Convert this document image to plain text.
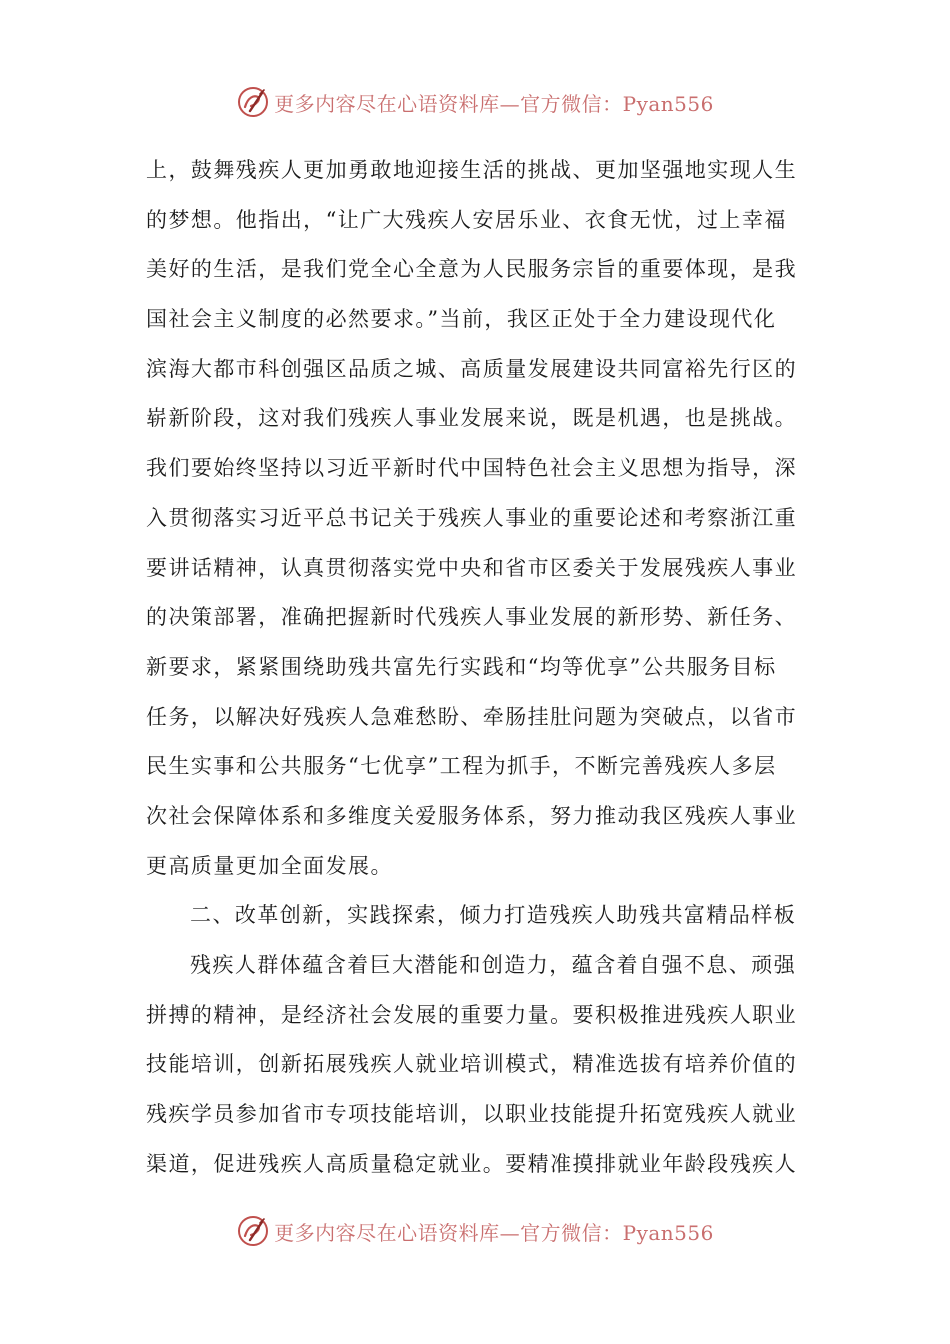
更多内容尽在心语资料库—官方微信：Pyan556
上，鼓舞残疾人更加勇敢地迎接生活的挑战、更加坚强地实现人生
的梦想。他指出，“让广大残疾人安居乐业、衣食无忧，过上幸福
美好的生活，是我们党全心全意为人民服务宗旨的重要体现，是我
国社会主义制度的必然要求。”当前，我区正处于全力建设现代化
滨海大都市科创强区品质之城、高质量发展建设共同富裕先行区的
崭新阶段，这对我们残疾人事业发展来说，既是机遇，也是挑战。
我们要始终坚持以习近平新时代中国特色社会主义思想为指导，深
入贯彻落实习近平总书记关于残疾人事业的重要论述和考察浙江重
要讲话精神，认真贯彻落实党中央和省市区委关于发展残疾人事业
的决策部署，准确把握新时代残疾人事业发展的新形势、新任务、
新要求，紧紧围绕助残共富先行实践和“均等优享”公共服务目标
任务，以解决好残疾人急难愁盼、牵肠挂肚问题为突破点，以省市
民生实事和公共服务“七优享”工程为抓手，不断完善残疾人多层
次社会保障体系和多维度关爱服务体系，努力推动我区残疾人事业
更高质量更加全面发展。
二、改革创新，实践探索，倾力打造残疾人助残共富精品样板
残疾人群体蕴含着巨大潜能和创造力，蕴含着自强不息、顽强
拼搏的精神，是经济社会发展的重要力量。要积极推进残疾人职业
技能培训，创新拓展残疾人就业培训模式，精准选拔有培养价值的
残疾学员参加省市专项技能培训，以职业技能提升拓宽残疾人就业
渠道，促进残疾人高质量稳定就业。要精准摸排就业年龄段残疾人
更多内容尽在心语资料库—官方微信：Pyan556
